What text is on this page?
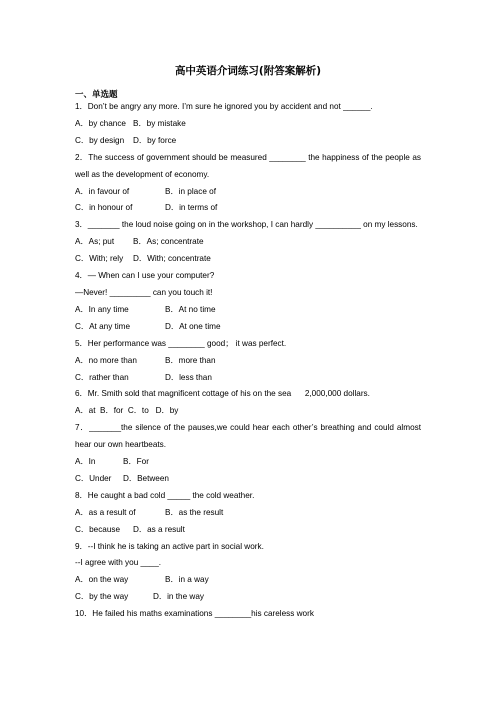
高中英语介词练习(附答案解析)
一、单选题
1．Don’t be angry any more. I’m sure he ignored you by accident and not ______.
A．by chance B．by mistake
C．by design D．by force
2．The success of government should be measured ________ the happiness of the people as well as the development of economy.
A．in favour of	B．in place of
C．in honour of	D．in terms of
3．_______ the loud noise going on in the workshop, I can hardly __________ on my lessons.
A．As; put B．As; concentrate
C．With; rely D．With; concentrate
4．— When can I use your computer?
—Never! _________ can you touch it!
A．In any time	B．At no time
C．At any time	D．At one time
5．Her performance was ________ good； it was perfect.
A．no more than	B．more than
C．rather than	D．less than
6．Mr. Smith sold that magnificent cottage of his on the sea      2,000,000 dollars.
A．at B．for C．to D．by
7．_______the silence of the pauses,we could hear each other’s breathing and could almost hear our own heartbeats.
A．In	B．For
C．Under D．Between
8．He caught a bad cold _____ the cold weather.
A．as a result of	B．as the result
C．because D．as a result
9．--I think he is taking an active part in social work.
--I agree with you ____.
A．on the way	B．in a way
C．by the way	D．in the way
10．He failed his maths examinations ________his careless work
